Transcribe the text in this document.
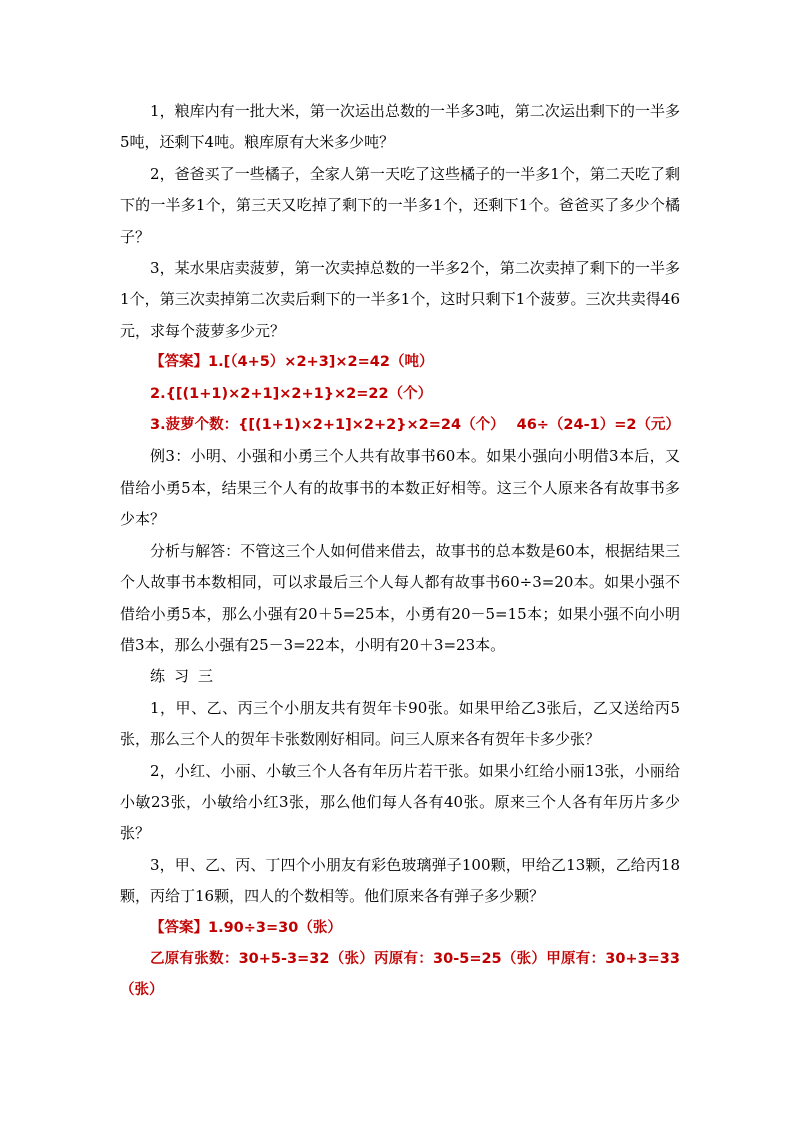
1，粮库内有一批大米，第一次运出总数的一半多3吨，第二次运出剩下的一半多5吨，还剩下4吨。粮库原有大米多少吨？

2，爸爸买了一些橘子，全家人第一天吃了这些橘子的一半多1个，第二天吃了剩下的一半多1个，第三天又吃掉了剩下的一半多1个，还剩下1个。爸爸买了多少个橘子？

3，某水果店卖菠萝，第一次卖掉总数的一半多2个，第二次卖掉了剩下的一半多1个，第三次卖掉第二次卖后剩下的一半多1个，这时只剩下1个菠萝。三次共卖得46元，求每个菠萝多少元？

【答案】1.[（4+5）×2+3]×2=42（吨）

2.{[(1+1)×2+1]×2+1}×2=22（个）

3.菠萝个数：{[(1+1)×2+1]×2+2}×2=24（个） 46÷（24-1）=2（元）

例3：小明、小强和小勇三个人共有故事书60本。如果小强向小明借3本后，又借给小勇5本，结果三个人有的故事书的本数正好相等。这三个人原来各有故事书多少本？

分析与解答：不管这三个人如何借来借去，故事书的总本数是60本，根据结果三个人故事书本数相同，可以求最后三个人每人都有故事书60÷3=20本。如果小强不借给小勇5本，那么小强有20＋5=25本，小勇有20－5=15本；如果小强不向小明借3本，那么小强有25－3=22本，小明有20＋3=23本。

练习三

1，甲、乙、丙三个小朋友共有贺年卡90张。如果甲给乙3张后，乙又送给丙5张，那么三个人的贺年卡张数刚好相同。问三人原来各有贺年卡多少张？

2，小红、小丽、小敏三个人各有年历片若干张。如果小红给小丽13张，小丽给小敏23张，小敏给小红3张，那么他们每人各有40张。原来三个人各有年历片多少张？

3，甲、乙、丙、丁四个小朋友有彩色玻璃弹子100颗，甲给乙13颗，乙给丙18颗，丙给丁16颗，四人的个数相等。他们原来各有弹子多少颗？

【答案】1.90÷3=30（张）

乙原有张数：30+5-3=32（张）丙原有：30-5=25（张）甲原有：30+3=33（张）
